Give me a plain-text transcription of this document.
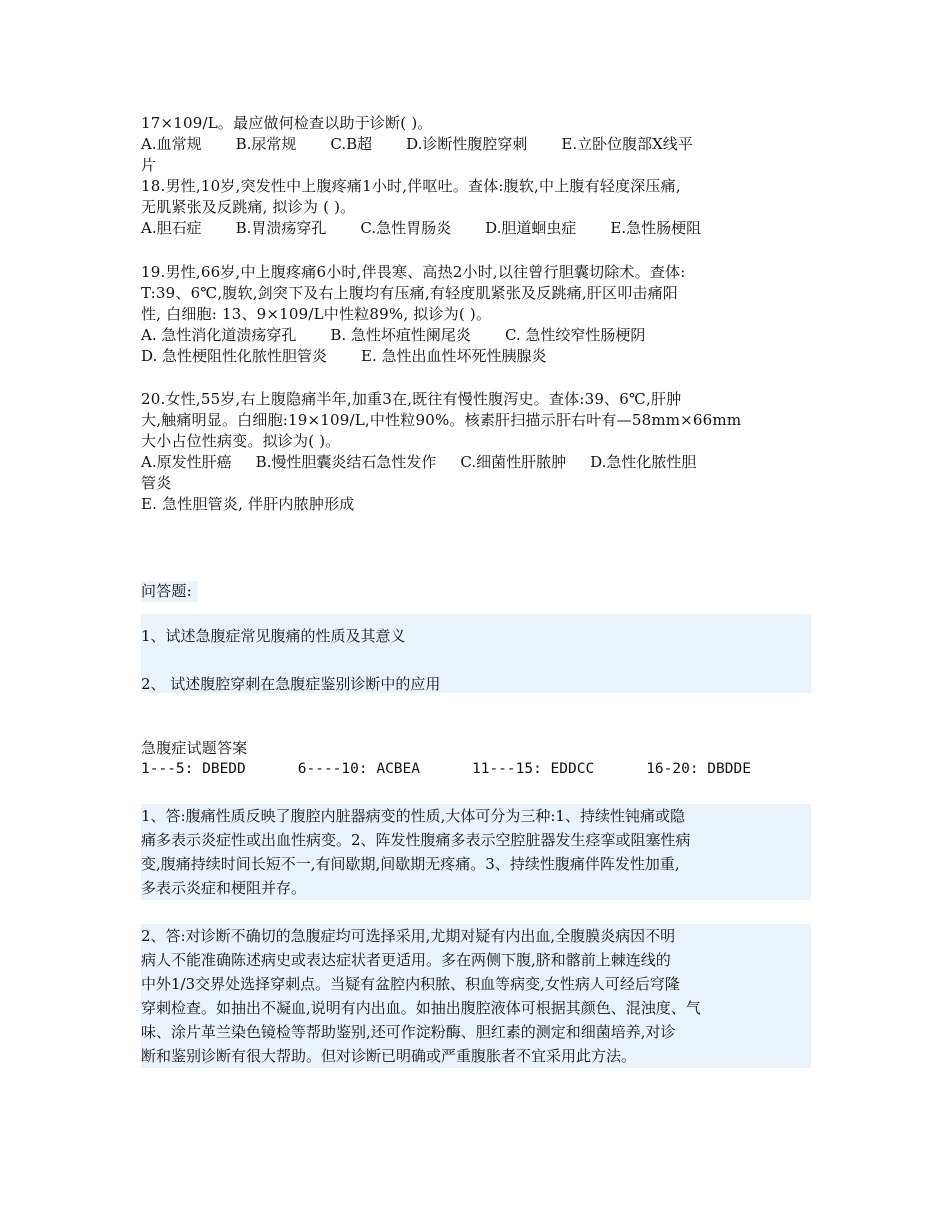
17×109/L。最应做何检查以助于诊断( )。
A.血常规 B.尿常规 C.B超 D.诊断性腹腔穿刺 E.立卧位腹部X线平
片
18.男性,10岁,突发性中上腹疼痛1小时,伴呕吐。查体:腹软,中上腹有轻度深压痛,
无肌紧张及反跳痛, 拟诊为 ( )。
A.胆石症 B.胃溃疡穿孔 C.急性胃肠炎 D.胆道蛔虫症 E.急性肠梗阻
19.男性,66岁,中上腹疼痛6小时,伴畏寒、高热2小时,以往曾行胆囊切除术。查体:
T:39、6℃,腹软,剑突下及右上腹均有压痛,有轻度肌紧张及反跳痛,肝区叩击痛阳
性, 白细胞: 13、9×109/L中性粒89%, 拟诊为( )。
A. 急性消化道溃疡穿孔 B. 急性坏疽性阑尾炎 C. 急性绞窄性肠梗阴
D. 急性梗阻性化脓性胆管炎 E. 急性出血性坏死性胰腺炎
20.女性,55岁,右上腹隐痛半年,加重3在,既往有慢性腹泻史。查体:39、6℃,肝肿
大,触痛明显。白细胞:19×109/L,中性粒90%。核素肝扫描示肝右叶有—58mm×66mm
大小占位性病变。拟诊为( )。
A.原发性肝癌 B.慢性胆囊炎结石急性发作 C.细菌性肝脓肿 D.急性化脓性胆
管炎
E. 急性胆管炎, 伴肝内脓肿形成
问答题:
1、试述急腹症常见腹痛的性质及其意义
2、 试述腹腔穿刺在急腹症鉴别诊断中的应用
急腹症试题答案
1---5: DBEDD	6----10: ACBEA	11---15: EDDCC	16-20: DBDDE
1、答:腹痛性质反映了腹腔内脏器病变的性质,大体可分为三种:1、持续性钝痛或隐
痛多表示炎症性或出血性病变。2、阵发性腹痛多表示空腔脏器发生痉挛或阻塞性病
变,腹痛持续时间长短不一,有间歇期,间歇期无疼痛。3、持续性腹痛伴阵发性加重,
多表示炎症和梗阻并存。
2、答:对诊断不确切的急腹症均可选择采用,尤期对疑有内出血,全腹膜炎病因不明
病人不能准确陈述病史或表达症状者更适用。多在两侧下腹,脐和髂前上棘连线的
中外1/3交界处选择穿刺点。当疑有盆腔内积脓、积血等病变,女性病人可经后穹隆
穿刺检查。如抽出不凝血,说明有内出血。如抽出腹腔液体可根据其颜色、混浊度、气
味、涂片革兰染色镜检等帮助鉴别,还可作淀粉酶、胆红素的测定和细菌培养,对诊
断和鉴别诊断有很大帮助。但对诊断已明确或严重腹胀者不宜采用此方法。
